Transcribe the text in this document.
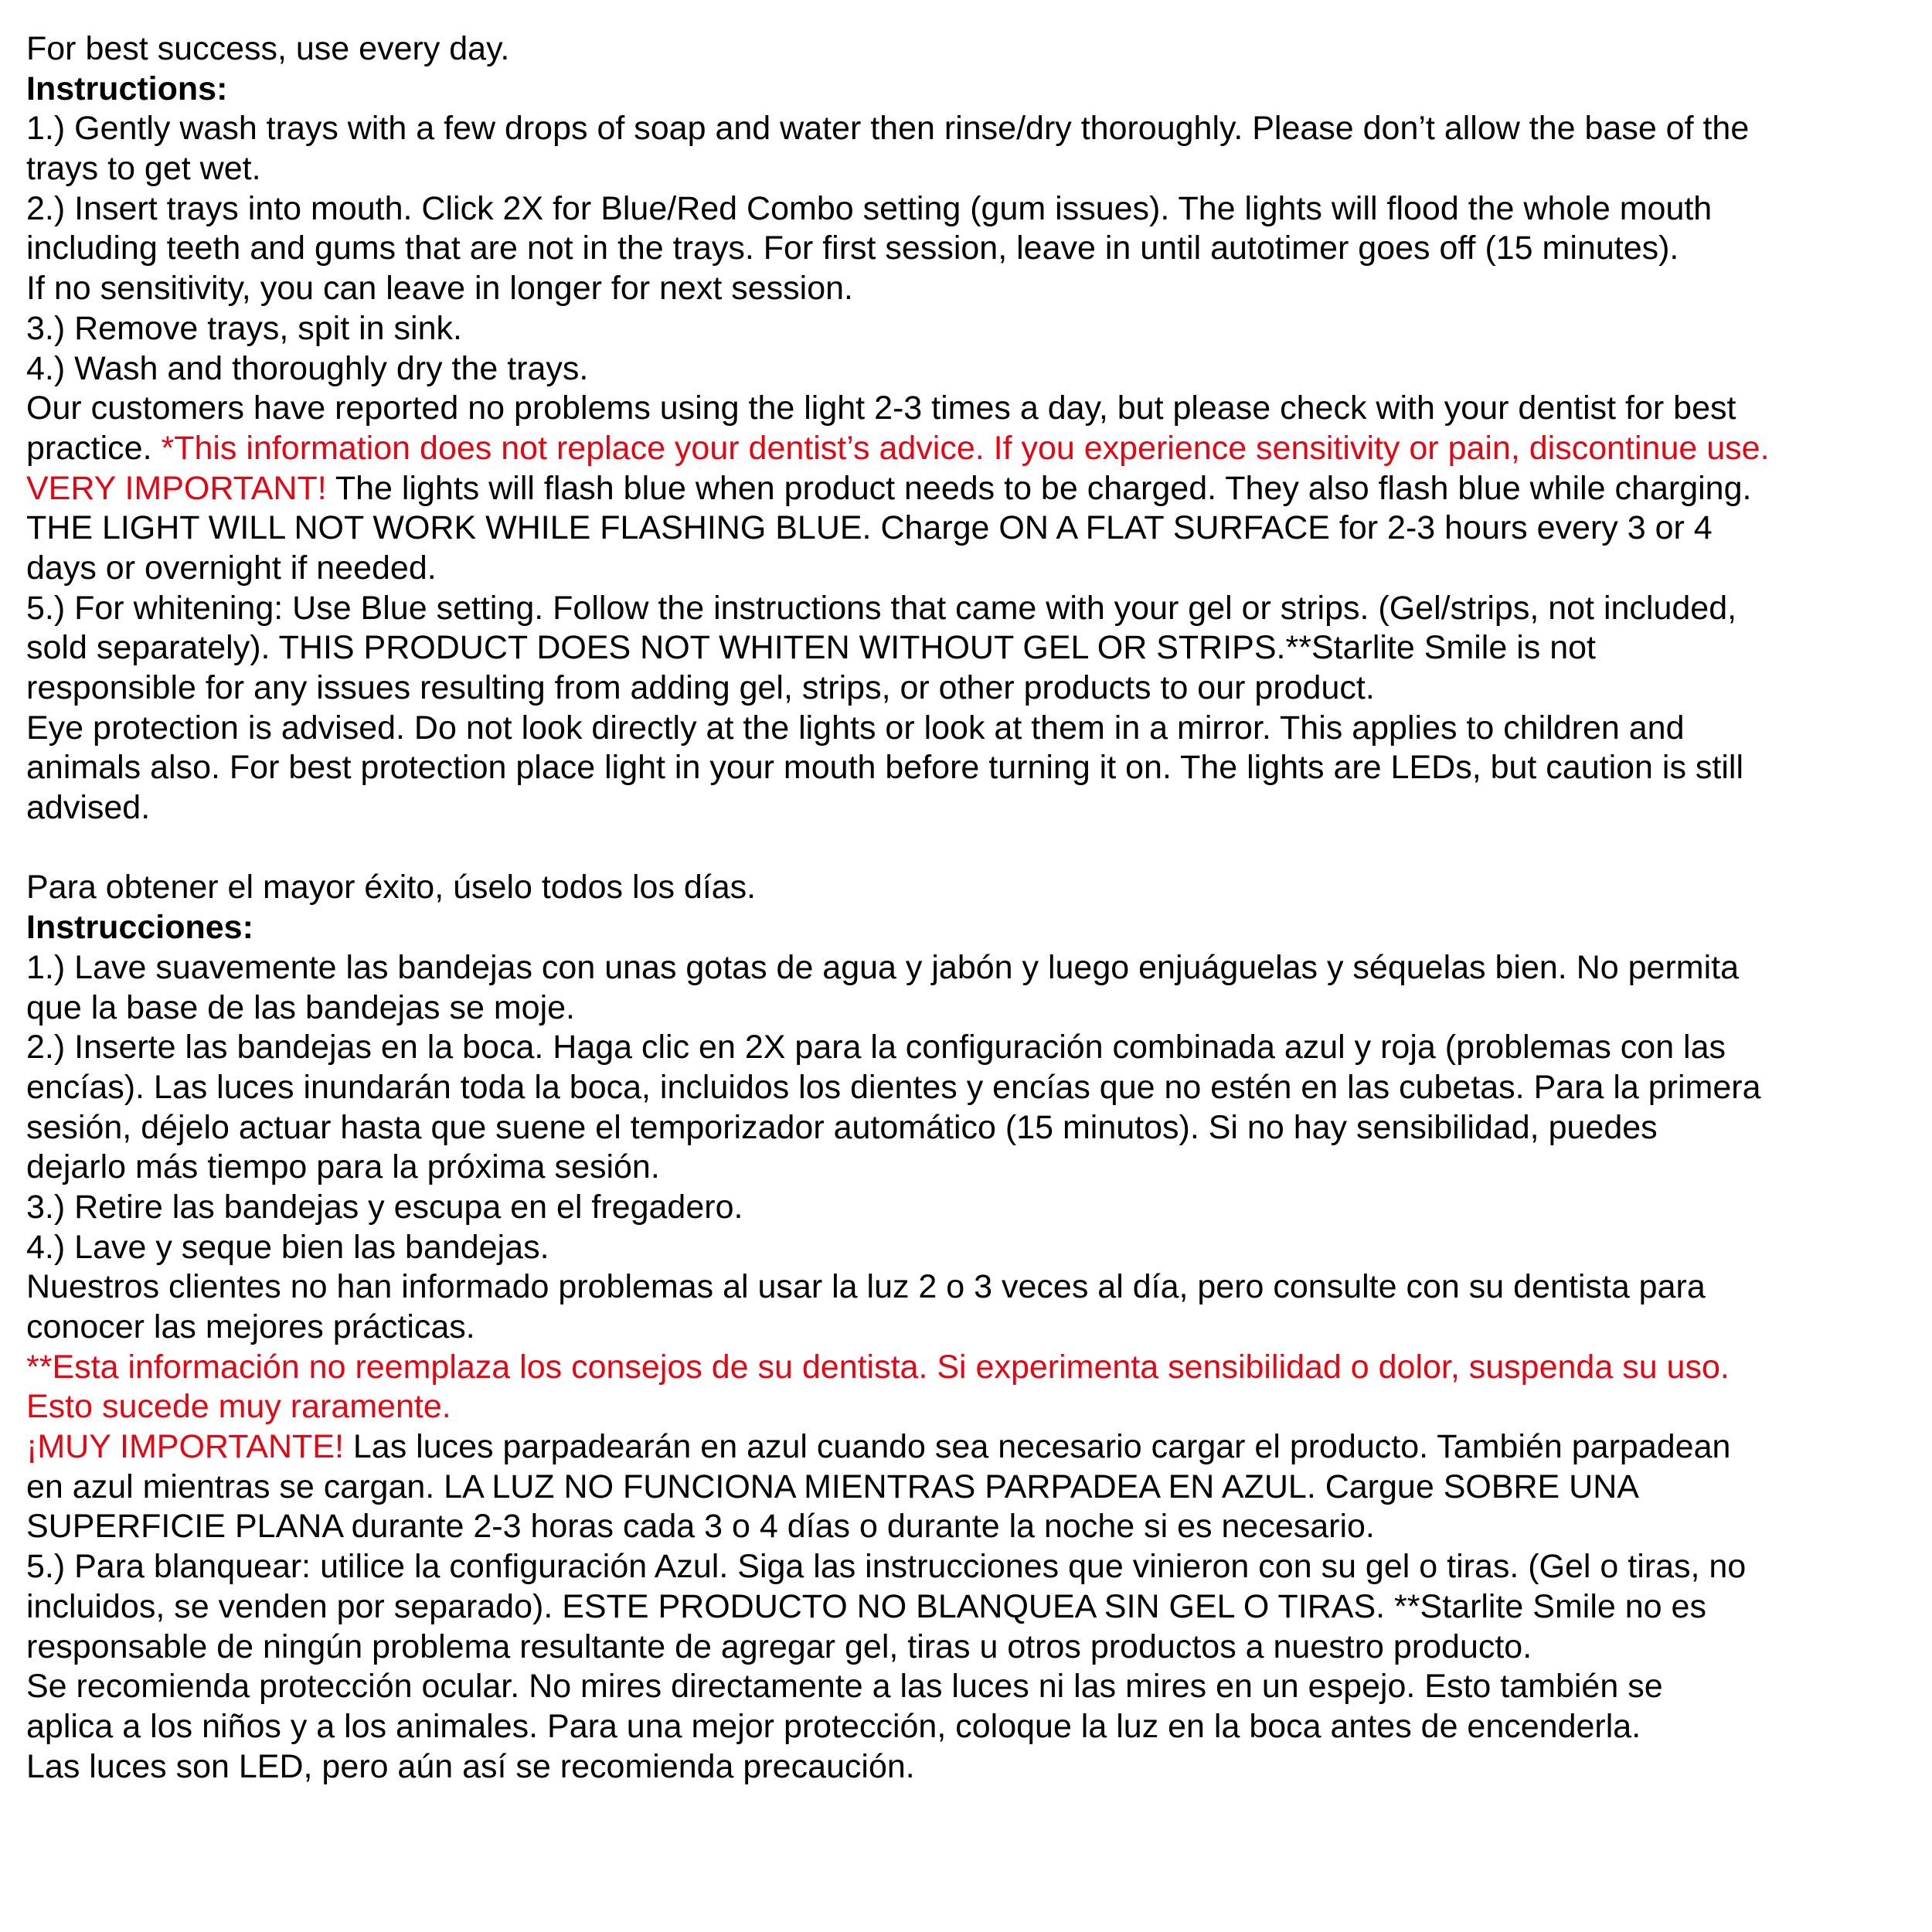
For best success, use every day.
Instructions:
1.) Gently wash trays with a few drops of soap and water then rinse/dry thoroughly. Please don’t allow the base of the
trays to get wet.
2.) Insert trays into mouth. Click 2X for Blue/Red Combo setting (gum issues). The lights will flood the whole mouth
including teeth and gums that are not in the trays. For first session, leave in until autotimer goes off (15 minutes).
If no sensitivity, you can leave in longer for next session.
3.) Remove trays, spit in sink.
4.) Wash and thoroughly dry the trays.
Our customers have reported no problems using the light 2-3 times a day, but please check with your dentist for best
practice. *This information does not replace your dentist’s advice. If you experience sensitivity or pain, discontinue use.
VERY IMPORTANT! The lights will flash blue when product needs to be charged. They also flash blue while charging.
THE LIGHT WILL NOT WORK WHILE FLASHING BLUE. Charge ON A FLAT SURFACE for 2-3 hours every 3 or 4
days or overnight if needed.
5.) For whitening: Use Blue setting. Follow the instructions that came with your gel or strips. (Gel/strips, not included,
sold separately). THIS PRODUCT DOES NOT WHITEN WITHOUT GEL OR STRIPS.**Starlite Smile is not
responsible for any issues resulting from adding gel, strips, or other products to our product.
Eye protection is advised. Do not look directly at the lights or look at them in a mirror. This applies to children and
animals also. For best protection place light in your mouth before turning it on. The lights are LEDs, but caution is still
advised.
Para obtener el mayor éxito, úselo todos los días.
Instrucciones:
1.) Lave suavemente las bandejas con unas gotas de agua y jabón y luego enjuáguelas y séquelas bien. No permita
que la base de las bandejas se moje.
2.) Inserte las bandejas en la boca. Haga clic en 2X para la configuración combinada azul y roja (problemas con las
encías). Las luces inundarán toda la boca, incluidos los dientes y encías que no estén en las cubetas. Para la primera
sesión, déjelo actuar hasta que suene el temporizador automático (15 minutos). Si no hay sensibilidad, puedes
dejarlo más tiempo para la próxima sesión.
3.) Retire las bandejas y escupa en el fregadero.
4.) Lave y seque bien las bandejas.
Nuestros clientes no han informado problemas al usar la luz 2 o 3 veces al día, pero consulte con su dentista para
conocer las mejores prácticas.
**Esta información no reemplaza los consejos de su dentista. Si experimenta sensibilidad o dolor, suspenda su uso.
Esto sucede muy raramente.
¡MUY IMPORTANTE! Las luces parpadearán en azul cuando sea necesario cargar el producto. También parpadean
en azul mientras se cargan. LA LUZ NO FUNCIONA MIENTRAS PARPADEA EN AZUL. Cargue SOBRE UNA
SUPERFICIE PLANA durante 2-3 horas cada 3 o 4 días o durante la noche si es necesario.
5.) Para blanquear: utilice la configuración Azul. Siga las instrucciones que vinieron con su gel o tiras. (Gel o tiras, no
incluidos, se venden por separado). ESTE PRODUCTO NO BLANQUEA SIN GEL O TIRAS. **Starlite Smile no es
responsable de ningún problema resultante de agregar gel, tiras u otros productos a nuestro producto.
Se recomienda protección ocular. No mires directamente a las luces ni las mires en un espejo. Esto también se
aplica a los niños y a los animales. Para una mejor protección, coloque la luz en la boca antes de encenderla.
Las luces son LED, pero aún así se recomienda precaución.
